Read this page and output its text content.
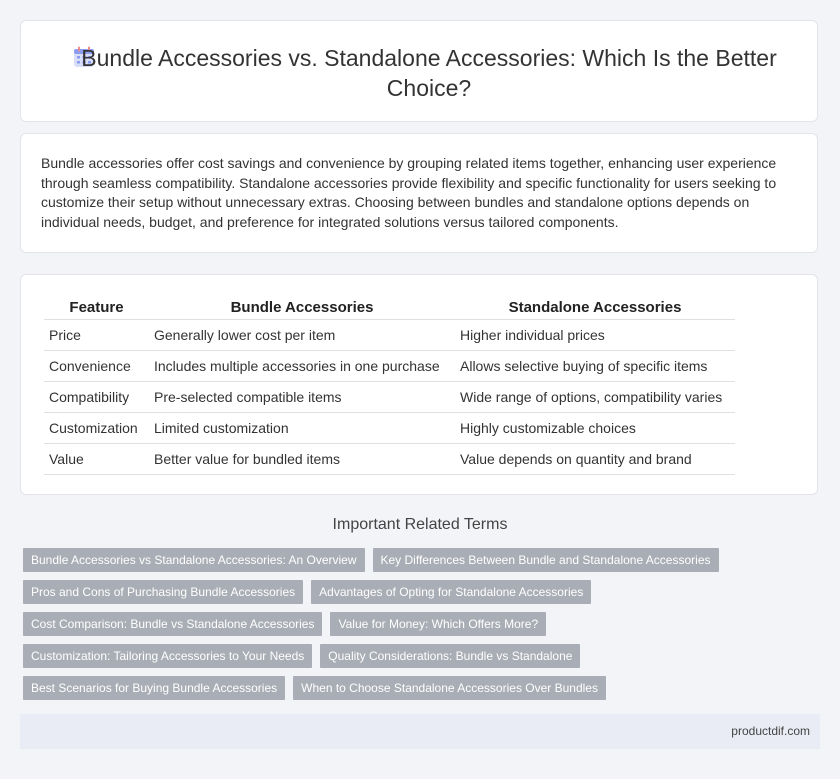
Bundle Accessories vs. Standalone Accessories: Which Is the Better Choice?

Bundle accessories offer cost savings and convenience by grouping related items together, enhancing user experience through seamless compatibility. Standalone accessories provide flexibility and specific functionality for users seeking to customize their setup without unnecessary extras. Choosing between bundles and standalone options depends on individual needs, budget, and preference for integrated solutions versus tailored components.

Feature	Bundle Accessories	Standalone Accessories
Price	Generally lower cost per item	Higher individual prices
Convenience	Includes multiple accessories in one purchase	Allows selective buying of specific items
Compatibility	Pre-selected compatible items	Wide range of options, compatibility varies
Customization	Limited customization	Highly customizable choices
Value	Better value for bundled items	Value depends on quantity and brand
Important Related Terms
Bundle Accessories vs Standalone Accessories: An Overview	Key Differences Between Bundle and Standalone Accessories
Pros and Cons of Purchasing Bundle Accessories	Advantages of Opting for Standalone Accessories
Cost Comparison: Bundle vs Standalone Accessories	Value for Money: Which Offers More?
Customization: Tailoring Accessories to Your Needs	Quality Considerations: Bundle vs Standalone
Best Scenarios for Buying Bundle Accessories	When to Choose Standalone Accessories Over Bundles
productdif.com
